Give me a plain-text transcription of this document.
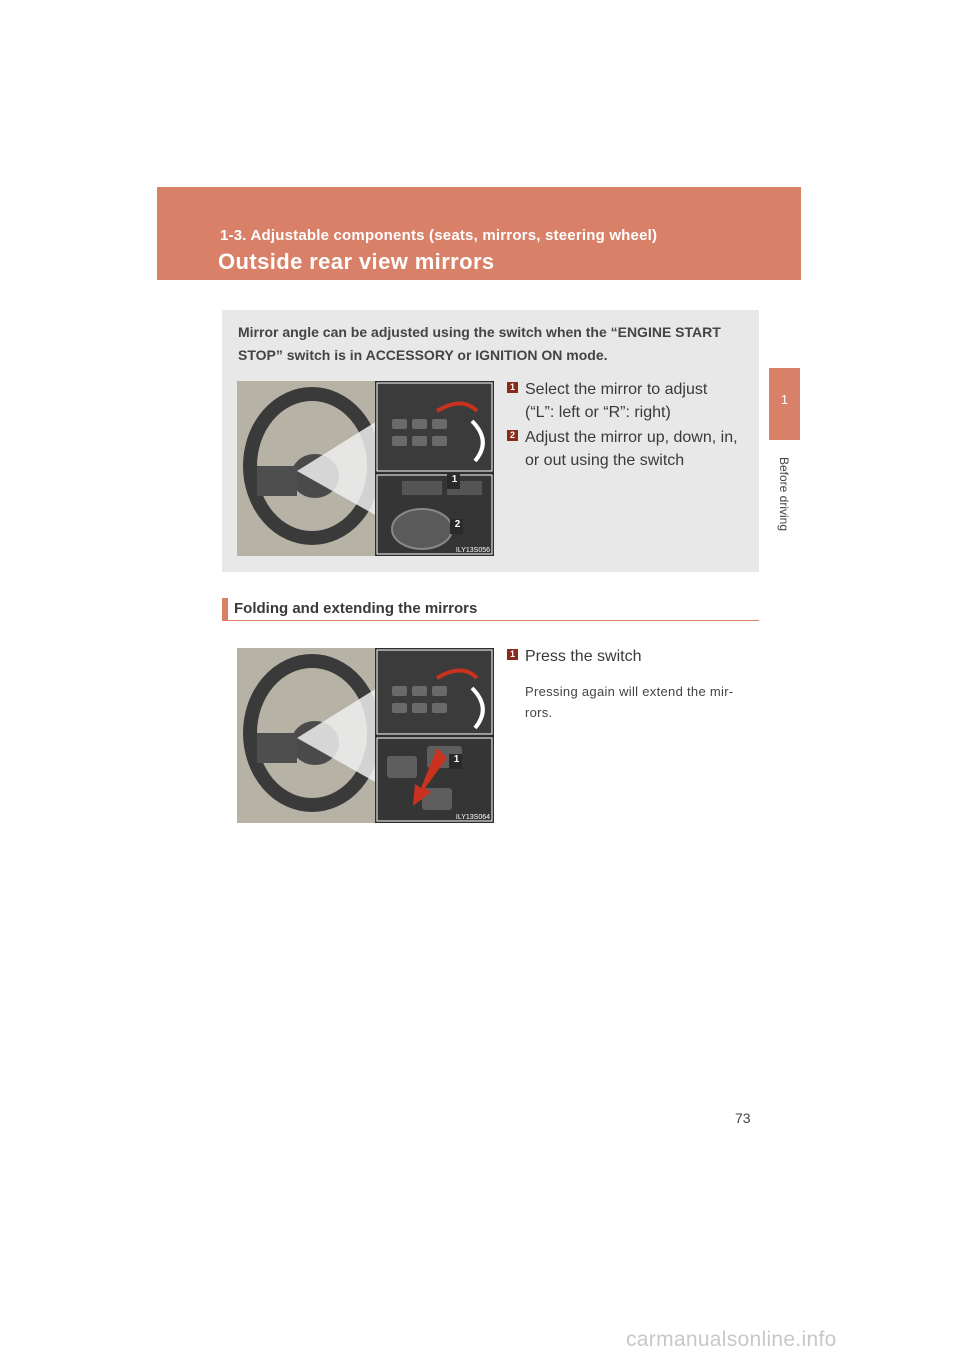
1-3. Adjustable components (seats, mirrors, steering wheel)
Outside rear view mirrors
1
Before driving
Mirror angle can be adjusted using the switch when the “ENGINE START STOP” switch is in ACCESSORY or IGNITION ON mode.
1
2
ILY13S056
1 Select the mirror to adjust (“L”: left or “R”: right)
2 Adjust the mirror up, down, in, or out using the switch
Folding and extending the mirrors
1
ILY13S064
1 Press the switch
Pressing again will extend the mir-rors.
73
carmanualsonline.info
